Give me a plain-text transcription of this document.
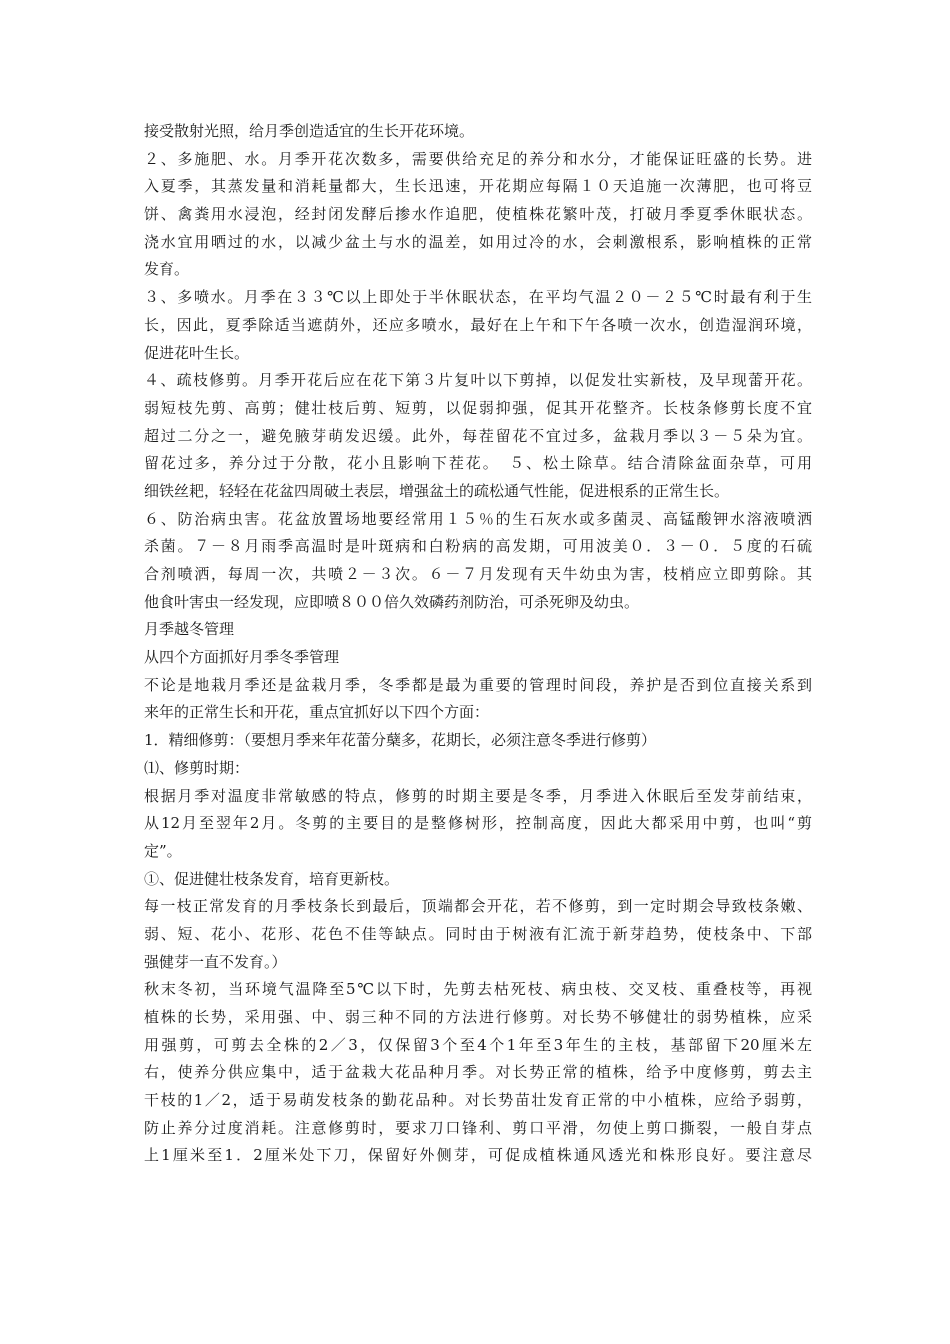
接受散射光照，给月季创造适宜的生长开花环境。
２、多施肥、水。月季开花次数多，需要供给充足的养分和水分，才能保证旺盛的长势。进
入夏季，其蒸发量和消耗量都大，生长迅速，开花期应每隔１０天追施一次薄肥，也可将豆
饼、禽粪用水浸泡，经封闭发酵后掺水作追肥，使植株花繁叶茂，打破月季夏季休眠状态。
浇水宜用晒过的水，以减少盆土与水的温差，如用过冷的水，会刺激根系，影响植株的正常
发育。
３、多喷水。月季在３３℃以上即处于半休眠状态，在平均气温２０－２５℃时最有利于生
长，因此，夏季除适当遮荫外，还应多喷水，最好在上午和下午各喷一次水，创造湿润环境，
促进花叶生长。
４、疏枝修剪。月季开花后应在花下第３片复叶以下剪掉，以促发壮实新枝，及早现蕾开花。
弱短枝先剪、高剪；健壮枝后剪、短剪，以促弱抑强，促其开花整齐。长枝条修剪长度不宜
超过二分之一，避免腋芽萌发迟缓。此外，每茬留花不宜过多，盆栽月季以３－５朵为宜。
留花过多，养分过于分散，花小且影响下茬花。　５、松土除草。结合清除盆面杂草，可用
细铁丝耙，轻轻在花盆四周破土表层，增强盆土的疏松通气性能，促进根系的正常生长。
６、防治病虫害。花盆放置场地要经常用１５％的生石灰水或多菌灵、高锰酸钾水溶液喷洒
杀菌。７－８月雨季高温时是叶斑病和白粉病的高发期，可用波美０．３－０．５度的石硫
合剂喷洒，每周一次，共喷２－３次。６－７月发现有天牛幼虫为害，枝梢应立即剪除。其
他食叶害虫一经发现，应即喷８００倍久效磷药剂防治，可杀死卵及幼虫。
月季越冬管理
从四个方面抓好月季冬季管理
不论是地栽月季还是盆栽月季，冬季都是最为重要的管理时间段，养护是否到位直接关系到
来年的正常生长和开花，重点宜抓好以下四个方面：
1．精细修剪：（要想月季来年花蕾分蘖多，花期长，必须注意冬季进行修剪）
⑴、修剪时期：
根据月季对温度非常敏感的特点，修剪的时期主要是冬季，月季进入休眠后至发芽前结束，
从12月至翌年2月。冬剪的主要目的是整修树形，控制高度，因此大都采用中剪，也叫“剪
定”。
①、促进健壮枝条发育，培育更新枝。
每一枝正常发育的月季枝条长到最后，顶端都会开花，若不修剪，到一定时期会导致枝条嫩、
弱、短、花小、花形、花色不佳等缺点。同时由于树液有汇流于新芽趋势，使枝条中、下部
强健芽一直不发育。）
秋末冬初，当环境气温降至5℃以下时，先剪去枯死枝、病虫枝、交叉枝、重叠枝等，再视
植株的长势，采用强、中、弱三种不同的方法进行修剪。对长势不够健壮的弱势植株，应采
用强剪，可剪去全株的2／3，仅保留3个至4个1年至3年生的主枝，基部留下20厘米左
右，使养分供应集中，适于盆栽大花品种月季。对长势正常的植株，给予中度修剪，剪去主
干枝的1／2，适于易萌发枝条的勤花品种。对长势苗壮发育正常的中小植株，应给予弱剪，
防止养分过度消耗。注意修剪时，要求刀口锋利、剪口平滑，勿使上剪口撕裂，一般自芽点
上1厘米至1．2厘米处下刀，保留好外侧芽，可促成植株通风透光和株形良好。要注意尽
